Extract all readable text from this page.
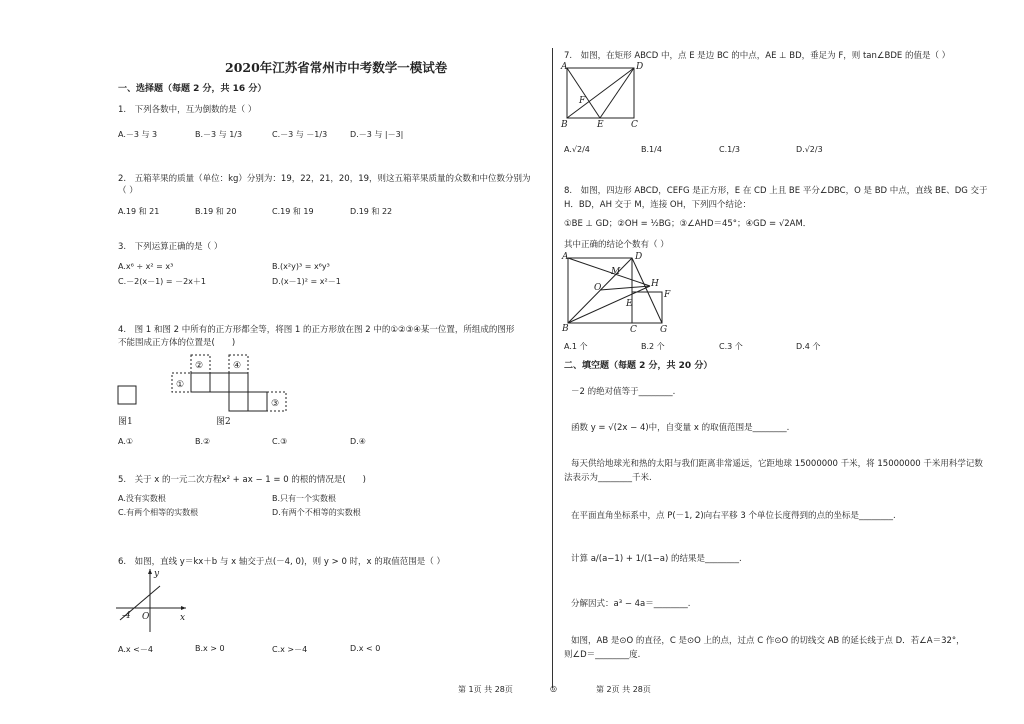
2020年江苏省常州市中考数学一模试卷
一、选择题（每题 2 分，共 16 分）
1.　下列各数中，互为倒数的是（ ）
A.－3 与 3	B.－3 与 1/3	C.－3 与 －1/3	D.－3 与 |－3|
2.　五箱苹果的质量（单位：kg）分别为：19，22，21，20，19，则这五箱苹果质量的众数和中位数分别为
（ ）
A.19 和 21	B.19 和 20	C.19 和 19	D.19 和 22
3.　下列运算正确的是（ ）
A.x⁶ ÷ x² = x³	B.(x²y)³ = x⁶y³
C.－2(x－1) = －2x＋1	D.(x－1)² = x²－1
4.　图 1 和图 2 中所有的正方形都全等，将图 1 的正方形放在图 2 中的①②③④某一位置，所组成的图形
不能围成正方体的位置是(　　)
①
②	④
③
图1	图2
A.①	B.②	C.③	D.④
5.　关于 x 的一元二次方程x² + ax − 1 = 0 的根的情况是(　　)
A.没有实数根	B.只有一个实数根
C.有两个相等的实数根	D.有两个不相等的实数根
6.　如图，直线 y＝kx＋b 与 x 轴交于点(－4, 0)，则 y > 0 时，x 的取值范围是（ ）
y
x
O
-4
A.x <－4	B.x > 0	C.x >－4	D.x < 0
7.　如图，在矩形 ABCD 中，点 E 是边 BC 的中点，AE ⊥ BD，垂足为 F，则 tan∠BDE 的值是（ ）
A	D
B	E	C
F
A.√2/4	B.1/4	C.1/3	D.√2/3
8.　如图，四边形 ABCD，CEFG 是正方形，E 在 CD 上且 BE 平分∠DBC，O 是 BD 中点，直线 BE、DG 交于
H．BD，AH 交于 M，连接 OH，下列四个结论：
①BE ⊥ GD；②OH = ½BG；③∠AHD＝45°；④GD = √2AM．
其中正确的结论个数有（ ）
A	D
M
O	H
F
E
B	C	G
A.1 个	B.2 个	C.3 个	D.4 个
二、填空题（每题 2 分，共 20 分）
－2 的绝对值等于________.
函数 y = √(2x − 4)中，自变量 x 的取值范围是________.
每天供给地球光和热的太阳与我们距离非常遥远，它距地球 15000000 千米，将 15000000 千米用科学记数
法表示为________千米.
在平面直角坐标系中，点 P(－1, 2)向右平移 3 个单位长度得到的点的坐标是________.
计算 a/(a−1) + 1/(1−a) 的结果是________.
分解因式：a³ − 4a＝________.
如图，AB 是⊙O 的直径，C 是⊙O 上的点，过点 C 作⊙O 的切线交 AB 的延长线于点 D．若∠A＝32°，
则∠D＝________度.
第 1页 共 28页	◎	第 2页 共 28页
